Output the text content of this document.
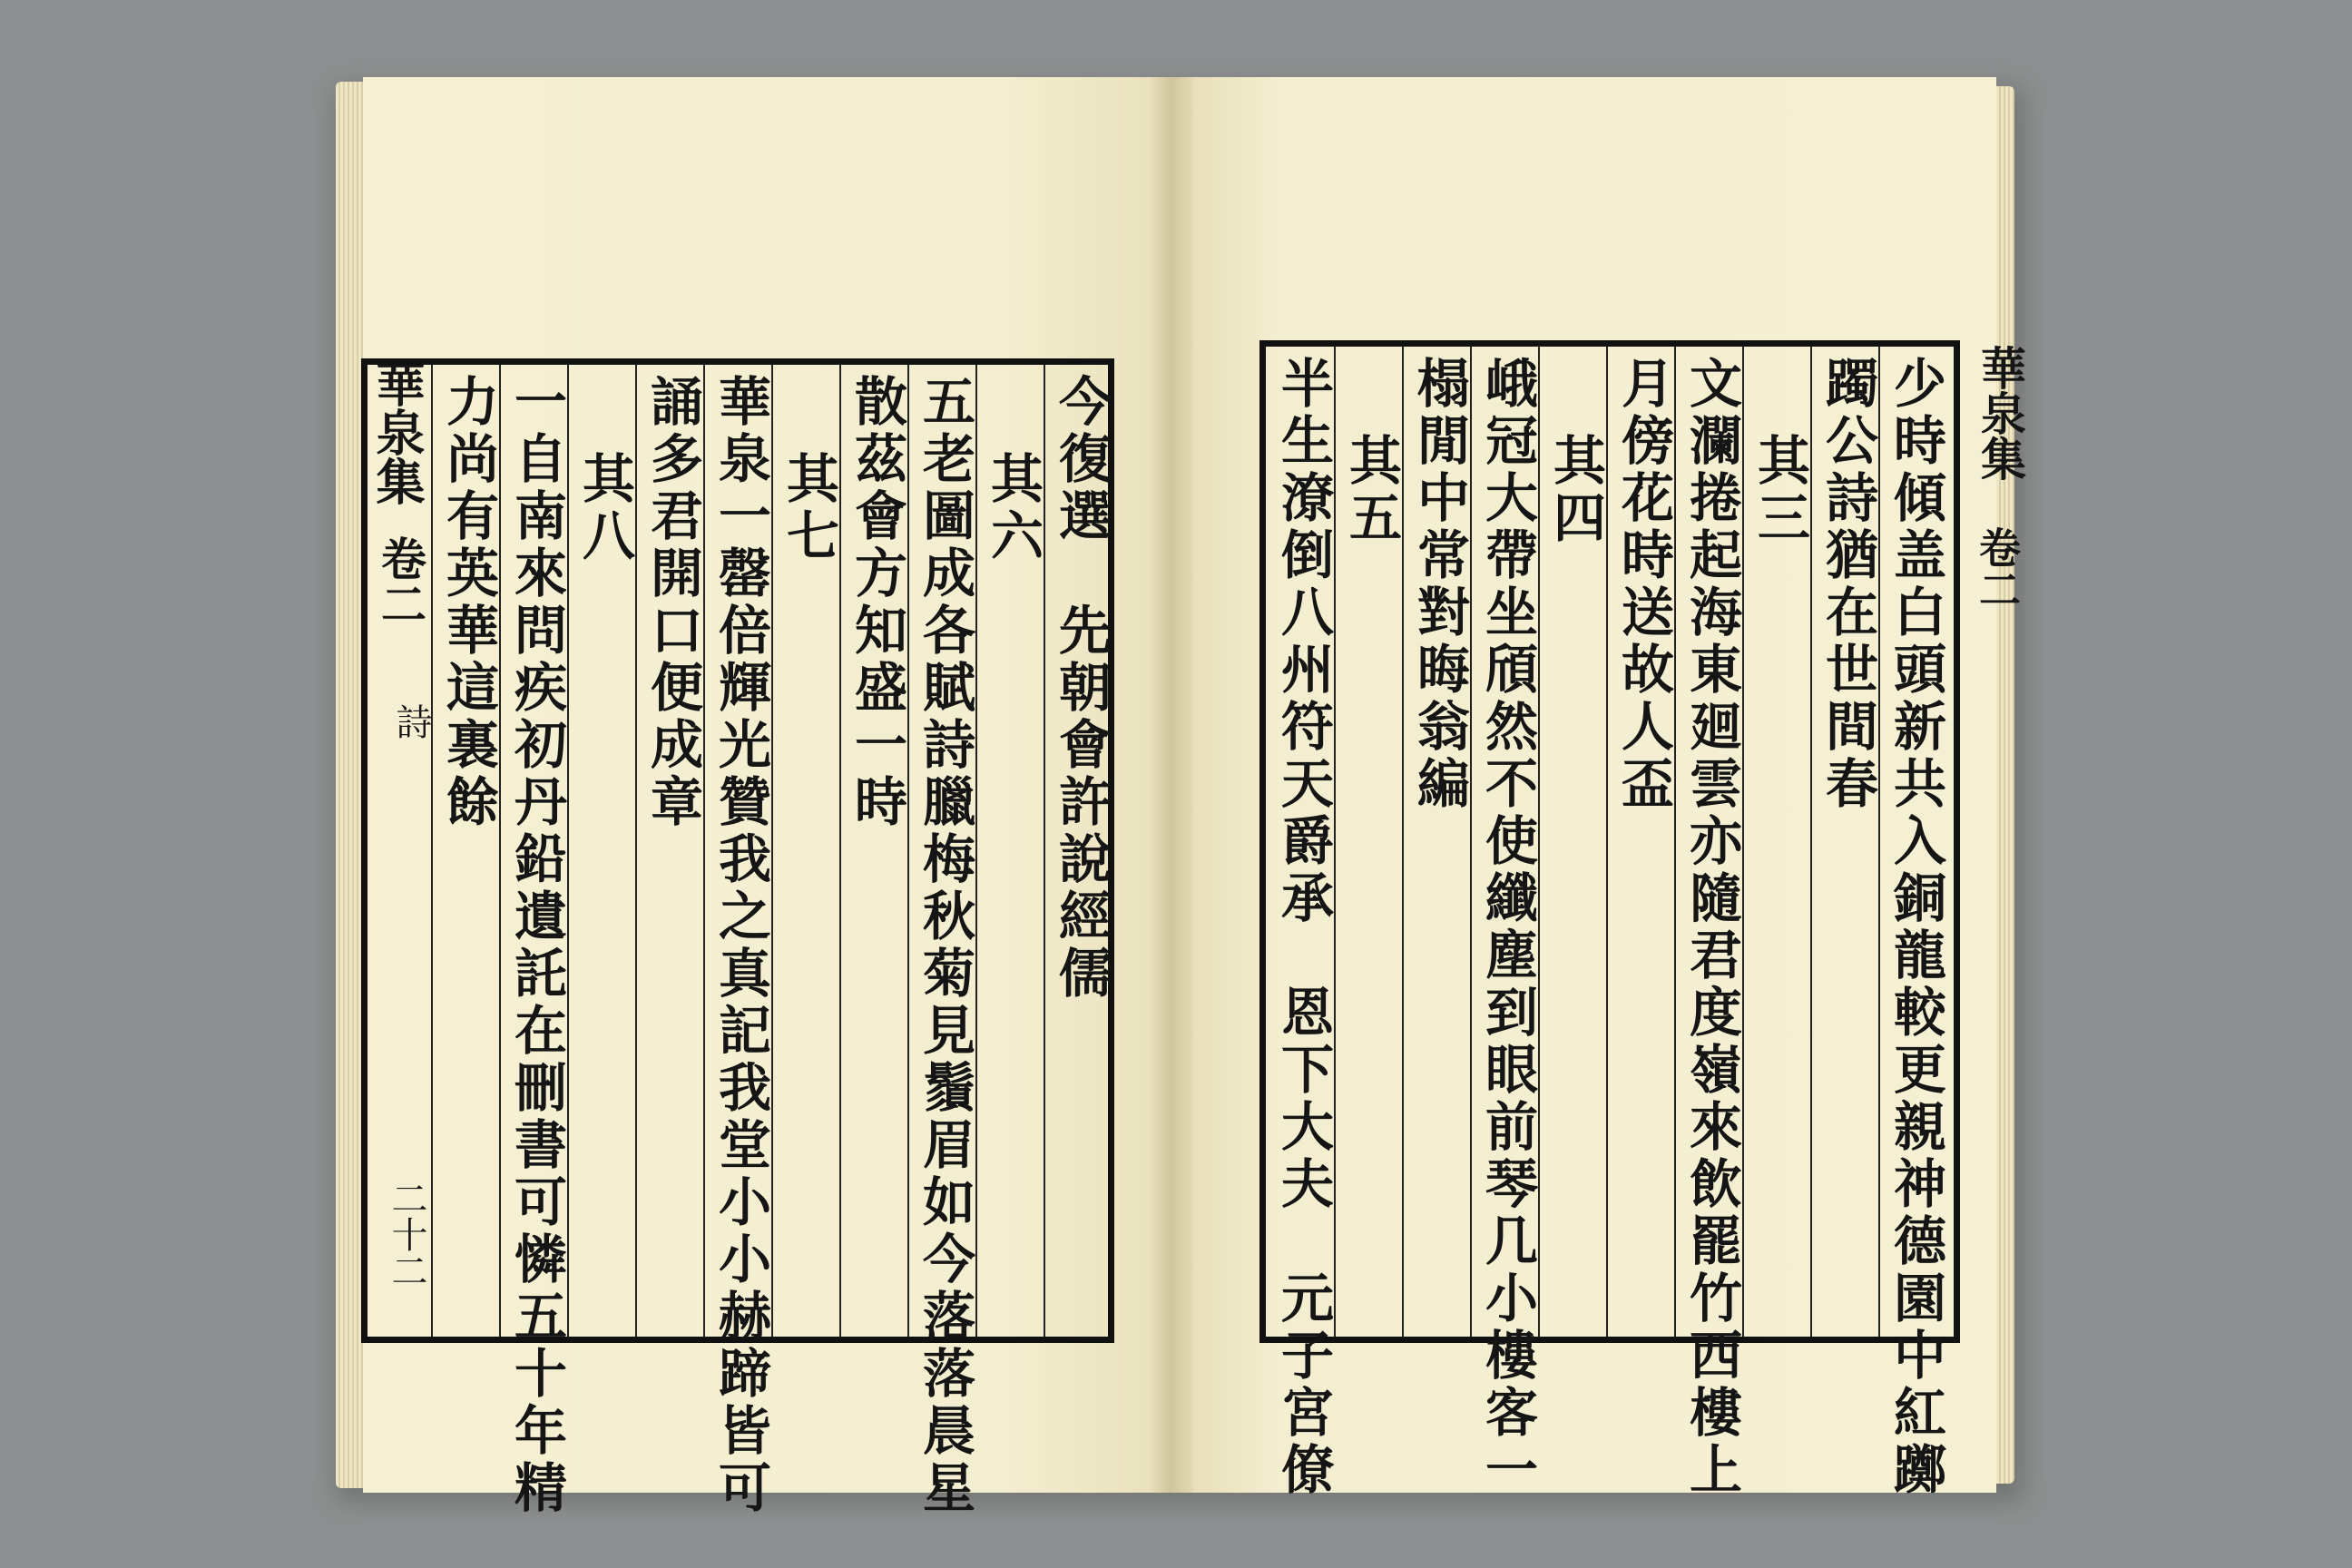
華泉集
卷二
詩
二十二
今復選　先朝會許說經儒
其六
五老圖成各賦詩臘梅秋菊見鬚眉如今落落晨星
散茲會方知盛一時
其七
華泉一罄倍輝光贊我之真記我堂小小赫蹄皆可
誦多君開口便成章
其八
一自南來問疾初丹鉛遺託在刪書可憐五十年精
力尚有英華這裏餘	少時傾盖白頭新共入銅龍較更親神德園中紅躑
躅公詩猶在世間春
其三
文瀾捲起海東廻雲亦隨君度嶺來飲罷竹西樓上
月傍花時送故人盃
其四
峨冠大帶坐頎然不使纖塵到眼前琴几小樓客一
榻閒中常對晦翁編
其五
半生潦倒八州符天爵承　恩下大夫　元子宮僚	華泉集
卷二
